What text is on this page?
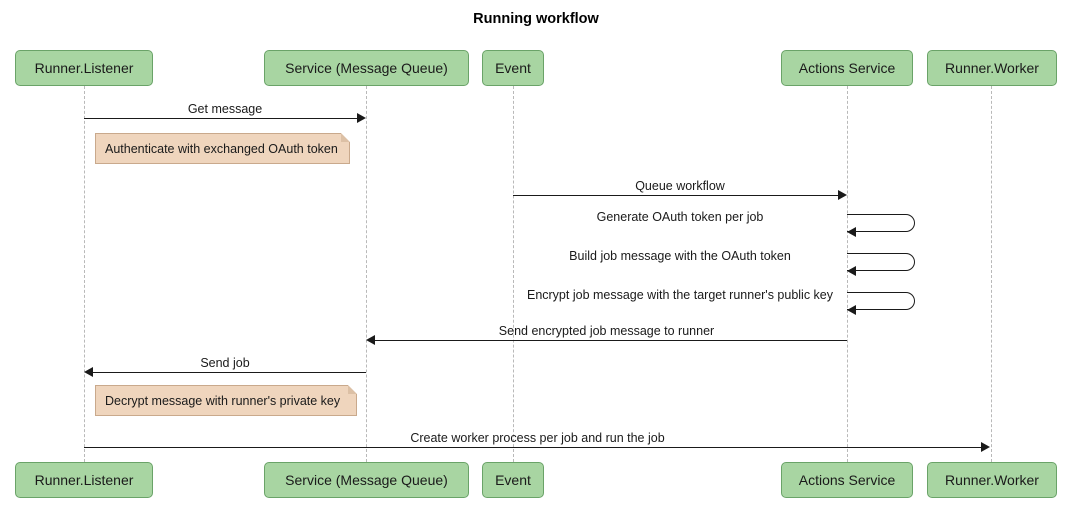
Running workflow
Runner.Listener	Service (Message Queue)	Event	Actions Service	Runner.Worker
Runner.Listener	Service (Message Queue)	Event	Actions Service	Runner.Worker
Get message
Authenticate with exchanged OAuth token
Queue workflow
Generate OAuth token per job
Build job message with the OAuth token
Encrypt job message with the target runner's public key
Send encrypted job message to runner
Send job
Decrypt message with runner's private key
Create worker process per job and run the job
